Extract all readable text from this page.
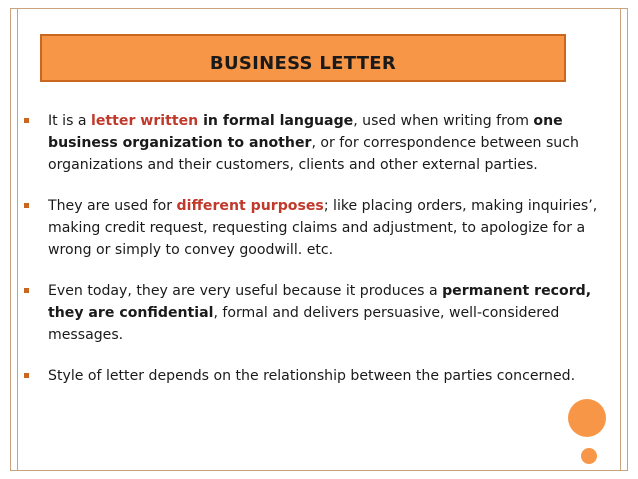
BUSINESS LETTER
It is a letter written in formal language, used when writing from one business organization to another, or for correspondence between such organizations and their customers, clients and other external parties.
They are used for different purposes; like placing orders, making inquiries’, making credit request, requesting claims and adjustment, to apologize for a wrong or simply to convey goodwill. etc.
Even today, they are very useful because it produces a permanent record, they are confidential, formal and delivers persuasive, well-considered messages.
Style of letter depends on the relationship between the parties concerned.
